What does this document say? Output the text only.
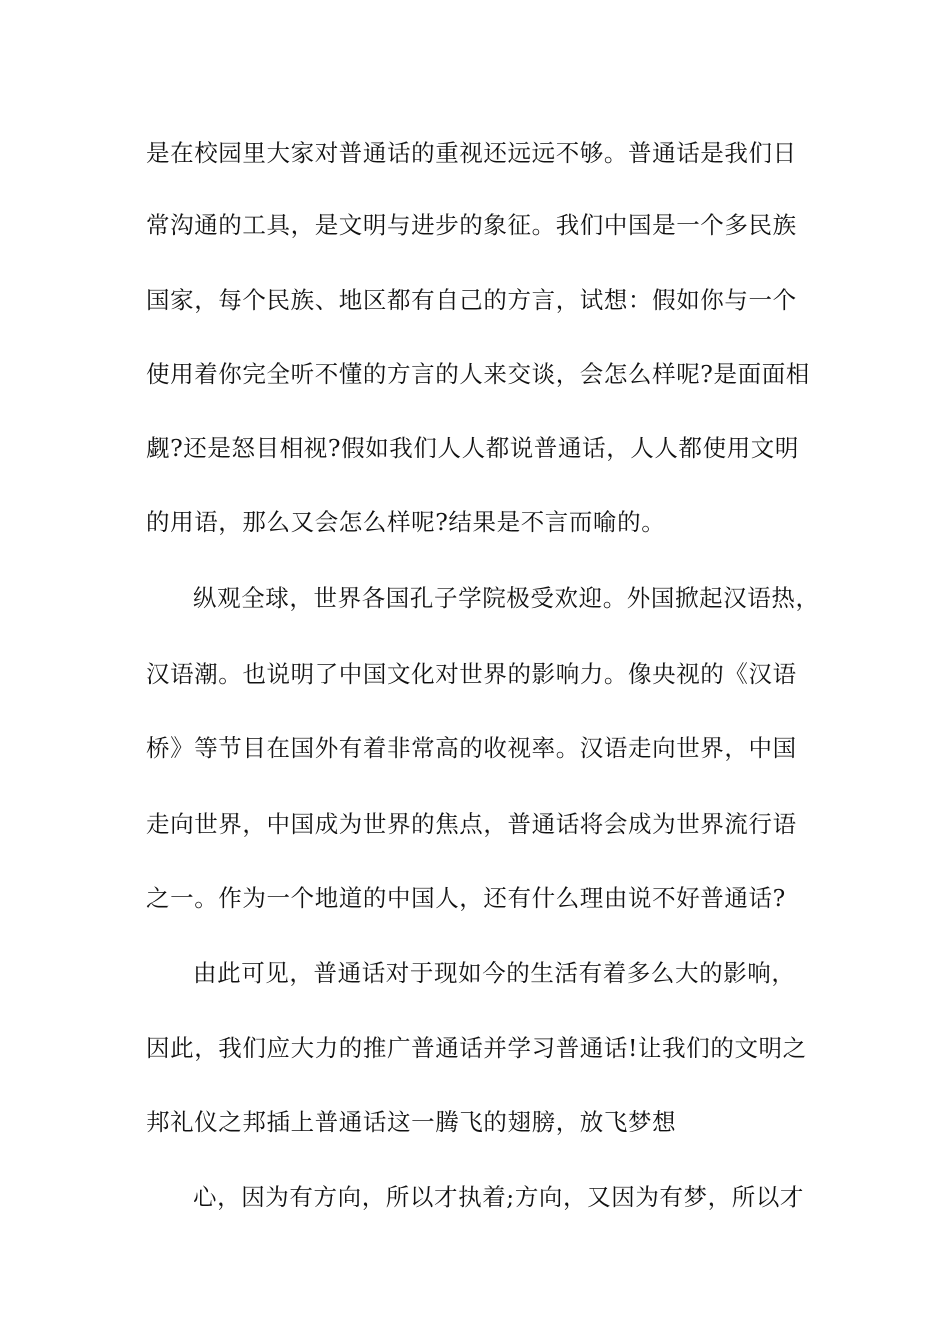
是在校园里大家对普通话的重视还远远不够。普通话是我们日
常沟通的工具，是文明与进步的象征。我们中国是一个多民族
国家，每个民族、地区都有自己的方言，试想：假如你与一个
使用着你完全听不懂的方言的人来交谈，会怎么样呢?是面面相
觑?还是怒目相视?假如我们人人都说普通话，人人都使用文明
的用语，那么又会怎么样呢?结果是不言而喻的。
纵观全球，世界各国孔子学院极受欢迎。外国掀起汉语热，
汉语潮。也说明了中国文化对世界的影响力。像央视的《汉语
桥》等节目在国外有着非常高的收视率。汉语走向世界，中国
走向世界，中国成为世界的焦点，普通话将会成为世界流行语
之一。作为一个地道的中国人，还有什么理由说不好普通话?
由此可见，普通话对于现如今的生活有着多么大的影响，
因此，我们应大力的推广普通话并学习普通话!让我们的文明之
邦礼仪之邦插上普通话这一腾飞的翅膀，放飞梦想
心，因为有方向，所以才执着;方向，又因为有梦，所以才
